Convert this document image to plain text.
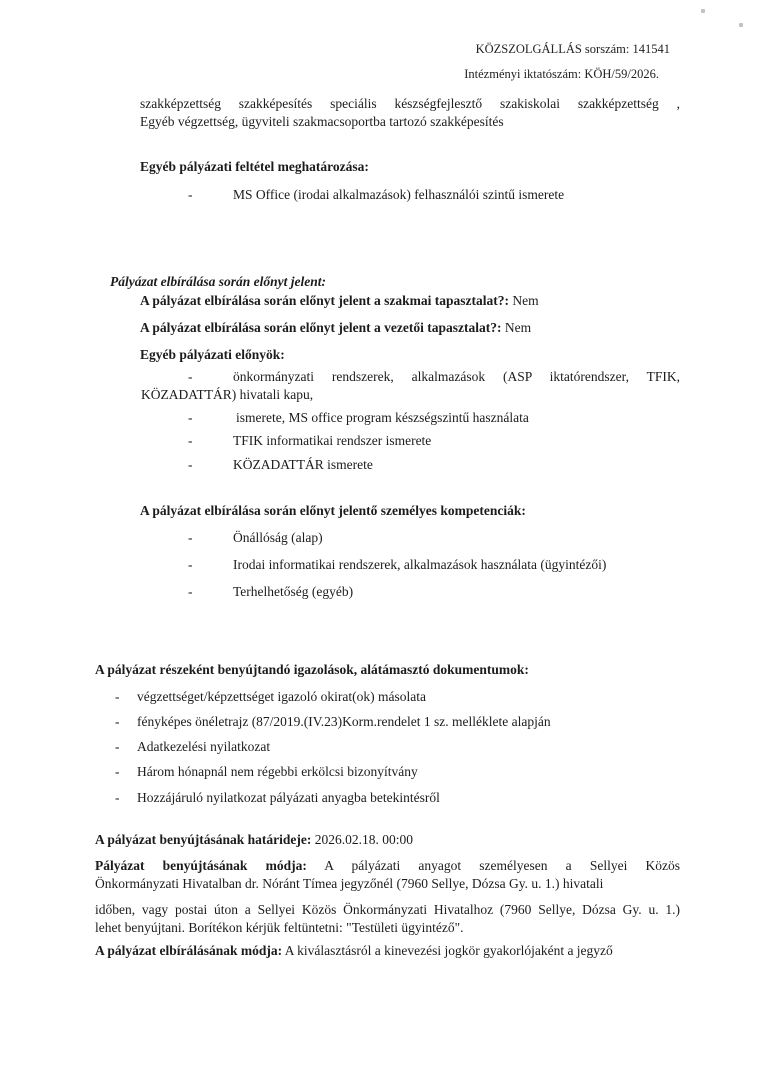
KÖZSZOLGÁLLÁS sorszám: 141541
Intézményi iktatószám: KÖH/59/2026.
szakképzettség szakképesítés speciális készségfejlesztő szakiskolai szakképzettség ,
Egyéb végzettség, ügyviteli szakmacsoportba tartozó szakképesítés
Egyéb pályázati feltétel meghatározása:
-	MS Office (irodai alkalmazások) felhasználói szintű ismerete
Pályázat elbírálása során előnyt jelent:
A pályázat elbírálása során előnyt jelent a szakmai tapasztalat?: Nem
A pályázat elbírálása során előnyt jelent a vezetői tapasztalat?: Nem
Egyéb pályázati előnyök:
-	önkormányzati rendszerek, alkalmazások (ASP iktatórendszer, TFIK,
KÖZADATTÁR) hivatali kapu,
-	ismerete, MS office program készségszintű használata
-	TFIK informatikai rendszer ismerete
-	KÖZADATTÁR ismerete
A pályázat elbírálása során előnyt jelentő személyes kompetenciák:
-	Önállóság (alap)
-	Irodai informatikai rendszerek, alkalmazások használata (ügyintézői)
-	Terhelhetőség (egyéb)
A pályázat részeként benyújtandó igazolások, alátámasztó dokumentumok:
- végzettséget/képzettséget igazoló okirat(ok) másolata
- fényképes önéletrajz (87/2019.(IV.23)Korm.rendelet 1 sz. melléklete alapján
- Adatkezelési nyilatkozat
- Három hónapnál nem régebbi erkölcsi bizonyítvány
- Hozzájáruló nyilatkozat pályázati anyagba betekintésről
A pályázat benyújtásának határideje: 2026.02.18. 00:00
Pályázat benyújtásának módja: A pályázati anyagot személyesen a Sellyei Közös
Önkormányzati Hivatalban dr. Nóránt Tímea jegyzőnél (7960 Sellye, Dózsa Gy. u. 1.) hivatali
időben, vagy postai úton a Sellyei Közös Önkormányzati Hivatalhoz (7960 Sellye, Dózsa Gy. u. 1.)
lehet benyújtani. Borítékon kérjük feltüntetni: "Testületi ügyintéző".
A pályázat elbírálásának módja: A kiválasztásról a kinevezési jogkör gyakorlójaként a jegyző
